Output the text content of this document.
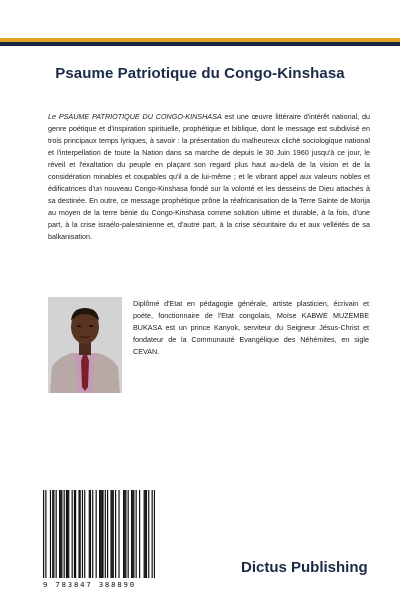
Psaume Patriotique du Congo-Kinshasa

Le PSAUME PATRIOTIQUE DU CONGO-KINSHASA est une œuvre littéraire d'intérêt national, du genre poétique et d'inspiration spirituelle, prophétique et biblique, dont le message est subdivisé en trois principaux temps lyriques, à savoir : la présentation du malheureux cliché sociologique national et l'interpellation de toute la Nation dans sa marche de depuis le 30 Juin 1960 jusqu'à ce jour, le réveil et l'exaltation du peuple en plaçant son regard plus haut au-delà de la vision et de la considération minables et coupables qu'il a de lui-même ; et le vibrant appel aux valeurs nobles et édificatrices d'un nouveau Congo-Kinshasa fondé sur la volonté et les desseins de Dieu attachés à sa destinée. En outre, ce message prophétique prône la réafricanisation de la Terre Sainte de Morija au moyen de la terre bénie du Congo-Kinshasa comme solution ultime et durable, à la fois, d'une part, à la crise israélo-palestinienne et, d'autre part, à la crise sécuritaire du et aux velléités de sa balkanisation.

Diplômé d'Etat en pédagogie générale, artiste plasticien, écrivain et poète, fonctionnaire de l'Etat congolais, Moïse KABWE MUZEMBE BUKASA est un prince Kanyok, serviteur du Seigneur Jésus-Christ et fondateur de la Communauté Evangélique des Néhémites, en sigle CEVAN.

9 783847 388890
Dictus Publishing
